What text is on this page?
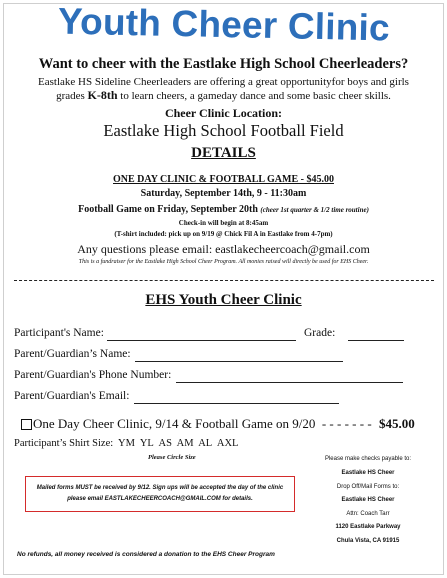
Youth Cheer Clinic
Want to cheer with the Eastlake High School Cheerleaders?
Eastlake HS Sideline Cheerleaders are offering a great opportunityfor boys and girls grades K-8th to learn cheers, a gameday dance and some basic cheer skills.
Cheer Clinic Location:
Eastlake High School Football Field
DETAILS
ONE DAY CLINIC & FOOTBALL GAME - $45.00
Saturday, September 14th, 9 - 11:30am
Football Game on Friday, September 20th (cheer 1st quarter & 1/2 time routine)
Check-in will begin at 8:45am
(T-shirt included: pick up on 9/19 @ Chick Fil A in Eastlake from 4-7pm)
Any questions please email: eastlakecheercoach@gmail.com
This is a fundraiser for the Eastlake High School Cheer Program. All monies raised will directly be used for EHS Cheer.
EHS Youth Cheer Clinic
Participant's Name:	Grade:
Parent/Guardian’s Name:
Parent/Guardian's Phone Number:
Parent/Guardian's Email:
One Day Cheer Clinic, 9/14 & Football Game on 9/20 - - - - - - - $45.00
Participant’s Shirt Size: YM YL AS AM AL AXL
Please Circle Size
Mailed forms MUST be received by 9/12. Sign ups will be accepted the day of the clinic
please email EASTLAKECHEERCOACH@GMAIL.COM for details.
Please make checks payable to:
Eastlake HS Cheer
Drop Off/Mail Forms to:
Eastlake HS Cheer
Attn: Coach Tarr
1120 Eastlake Parkway
Chula Vista, CA 91915
No refunds, all money received is considered a donation to the EHS Cheer Program
